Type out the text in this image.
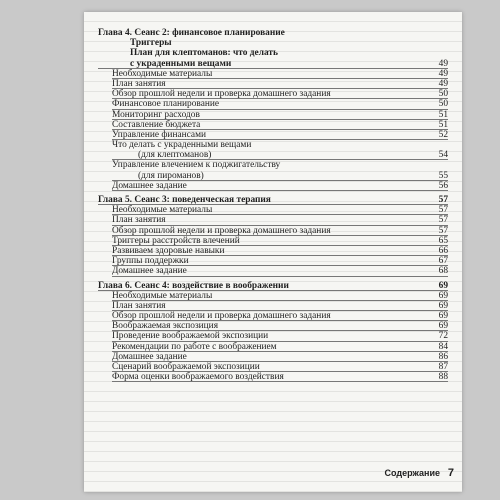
Глава 4. Сеанс 2: финансовое планирование
Триггеры
План для клептоманов: что делать
с украденными вещами	49
Необходимые материалы	49
План занятия	49
Обзор прошлой недели и проверка домашнего задания	50
Финансовое планирование	50
Мониторинг расходов	51
Составление бюджета	51
Управление финансами	52
Что делать с украденными вещами
(для клептоманов)	54
Управление влечением к поджигательству
(для пироманов)	55
Домашнее задание	56
Глава 5. Сеанс 3: поведенческая терапия	57
Необходимые материалы	57
План занятия	57
Обзор прошлой недели и проверка домашнего задания	57
Триггеры расстройств влечений	65
Развиваем здоровые навыки	66
Группы поддержки	67
Домашнее задание	68
Глава 6. Сеанс 4: воздействие в воображении	69
Необходимые материалы	69
План занятия	69
Обзор прошлой недели и проверка домашнего задания	69
Воображаемая экспозиция	69
Проведение воображаемой экспозиции	72
Рекомендации по работе с воображением	84
Домашнее задание	86
Сценарий воображаемой экспозиции	87
Форма оценки воображаемого воздействия	88
Содержание 7
